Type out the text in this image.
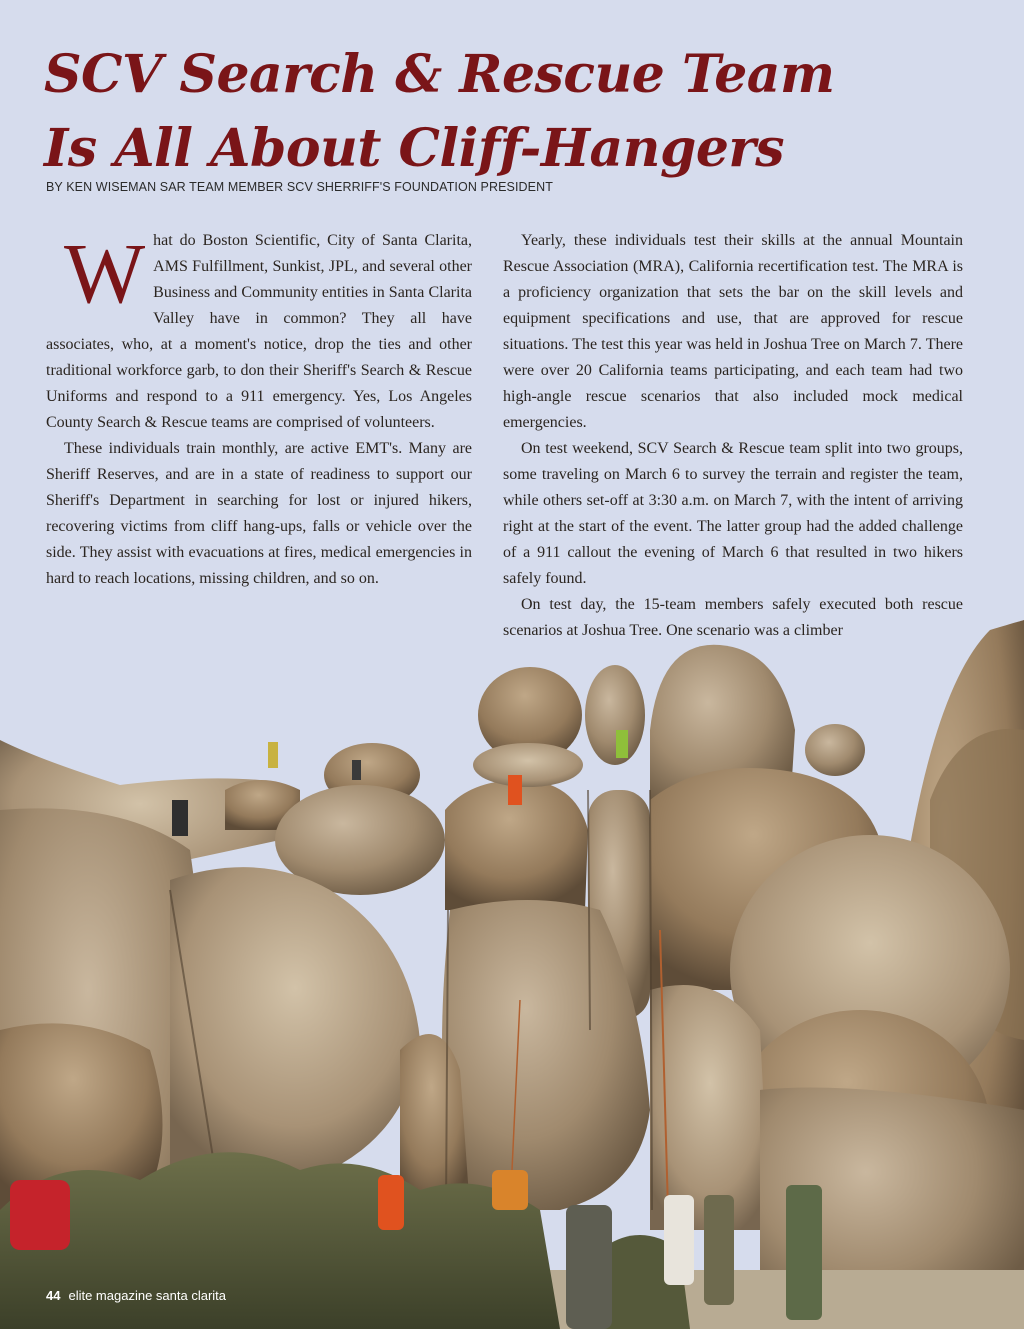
SCV Search & Rescue Team
Is All About Cliff-Hangers
BY KEN WISEMAN SAR TEAM MEMBER SCV SHERRIFF'S FOUNDATION PRESIDENT

What do Boston Scientific, City of Santa Clarita, AMS Fulfillment, Sunkist, JPL, and several other Business and Community entities in Santa Clarita Valley have in common? They all have associates, who, at a moment's notice, drop the ties and other traditional workforce garb, to don their Sheriff's Search & Rescue Uniforms and respond to a 911 emergency. Yes, Los Angeles County Search & Rescue teams are comprised of volunteers.

These individuals train monthly, are active EMT's. Many are Sheriff Reserves, and are in a state of readiness to support our Sheriff's Department in searching for lost or injured hikers, recovering victims from cliff hang-ups, falls or vehicle over the side. They assist with evacuations at fires, medical emergencies in hard to reach locations, missing children, and so on.

Yearly, these individuals test their skills at the annual Mountain Rescue Association (MRA), California recertification test. The MRA is a proficiency organization that sets the bar on the skill levels and equipment specifications and use, that are approved for rescue situations. The test this year was held in Joshua Tree on March 7. There were over 20 California teams participating, and each team had two high-angle rescue scenarios that also included mock medical emergencies.

On test weekend, SCV Search & Rescue team split into two groups, some traveling on March 6 to survey the terrain and register the team, while others set-off at 3:30 a.m. on March 7, with the intent of arriving right at the start of the event. The latter group had the added challenge of a 911 callout the evening of March 6 that resulted in two hikers safely found.

On test day, the 15-team members safely executed both rescue scenarios at Joshua Tree. One scenario was a climber

44 elite magazine santa clarita
